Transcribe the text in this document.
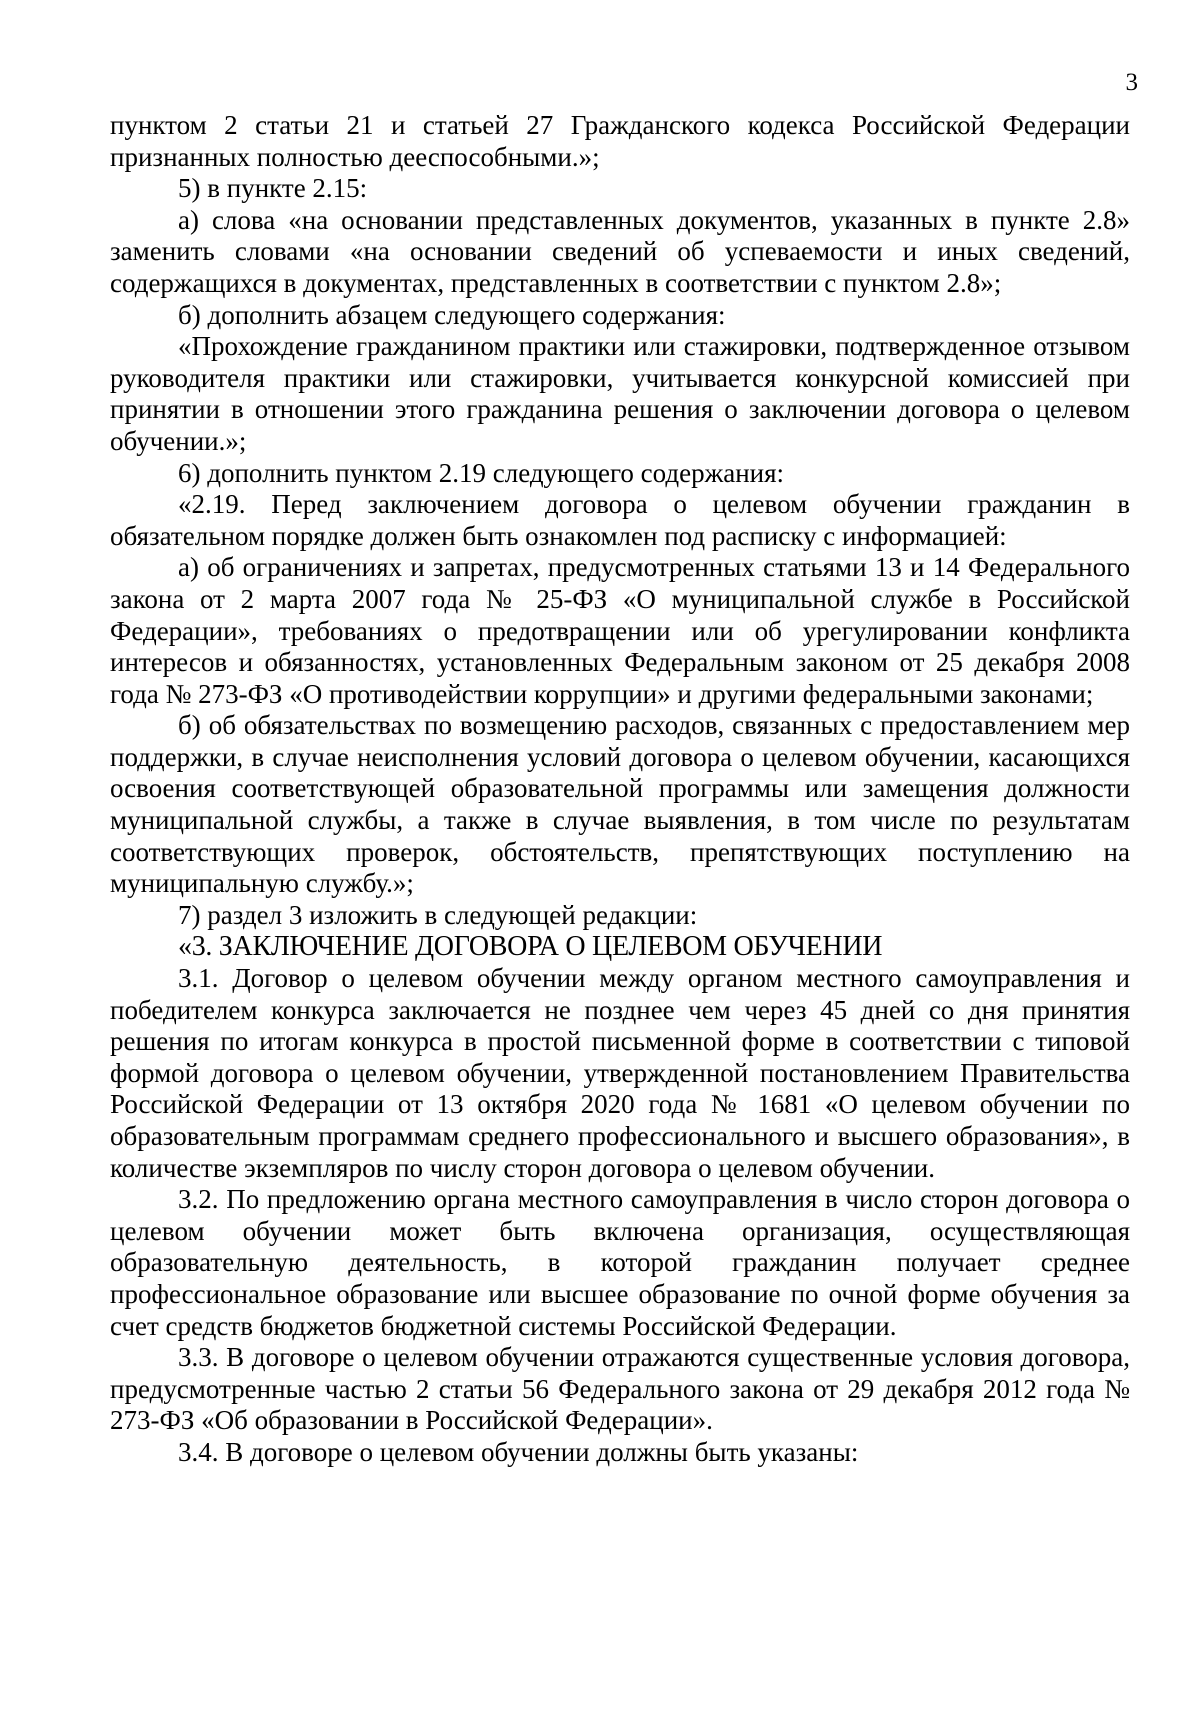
3

пунктом 2 статьи 21 и статьей 27 Гражданского кодекса Российской Федерации признанных полностью дееспособными.»;

5) в пункте 2.15:

а) слова «на основании представленных документов, указанных в пункте 2.8» заменить словами «на основании сведений об успеваемости и иных сведений, содержащихся в документах, представленных в соответствии с пунктом 2.8»;

б) дополнить абзацем следующего содержания:

«Прохождение гражданином практики или стажировки, подтвержденное отзывом руководителя практики или стажировки, учитывается конкурсной комиссией при принятии в отношении этого гражданина решения о заключении договора о целевом обучении.»;

6) дополнить пунктом 2.19 следующего содержания:

«2.19. Перед заключением договора о целевом обучении гражданин в обязательном порядке должен быть ознакомлен под расписку с информацией:

а) об ограничениях и запретах, предусмотренных статьями 13 и 14 Федерального закона от 2 марта 2007 года № 25-ФЗ «О муниципальной службе в Российской Федерации», требованиях о предотвращении или об урегулировании конфликта интересов и обязанностях, установленных Федеральным законом от 25 декабря 2008 года № 273-ФЗ «О противодействии коррупции» и другими федеральными законами;

б) об обязательствах по возмещению расходов, связанных с предоставлением мер поддержки, в случае неисполнения условий договора о целевом обучении, касающихся освоения соответствующей образовательной программы или замещения должности муниципальной службы, а также в случае выявления, в том числе по результатам соответствующих проверок, обстоятельств, препятствующих поступлению на муниципальную службу.»;

7) раздел 3 изложить в следующей редакции:

«3. ЗАКЛЮЧЕНИЕ ДОГОВОРА О ЦЕЛЕВОМ ОБУЧЕНИИ

3.1. Договор о целевом обучении между органом местного самоуправления и победителем конкурса заключается не позднее чем через 45 дней со дня принятия решения по итогам конкурса в простой письменной форме в соответствии с типовой формой договора о целевом обучении, утвержденной постановлением Правительства Российской Федерации от 13 октября 2020 года № 1681 «О целевом обучении по образовательным программам среднего профессионального и высшего образования», в количестве экземпляров по числу сторон договора о целевом обучении.

3.2. По предложению органа местного самоуправления в число сторон договора о целевом обучении может быть включена организация, осуществляющая образовательную деятельность, в которой гражданин получает среднее профессиональное образование или высшее образование по очной форме обучения за счет средств бюджетов бюджетной системы Российской Федерации.

3.3. В договоре о целевом обучении отражаются существенные условия договора, предусмотренные частью 2 статьи 56 Федерального закона от 29 декабря 2012 года № 273-ФЗ «Об образовании в Российской Федерации».

3.4. В договоре о целевом обучении должны быть указаны:
